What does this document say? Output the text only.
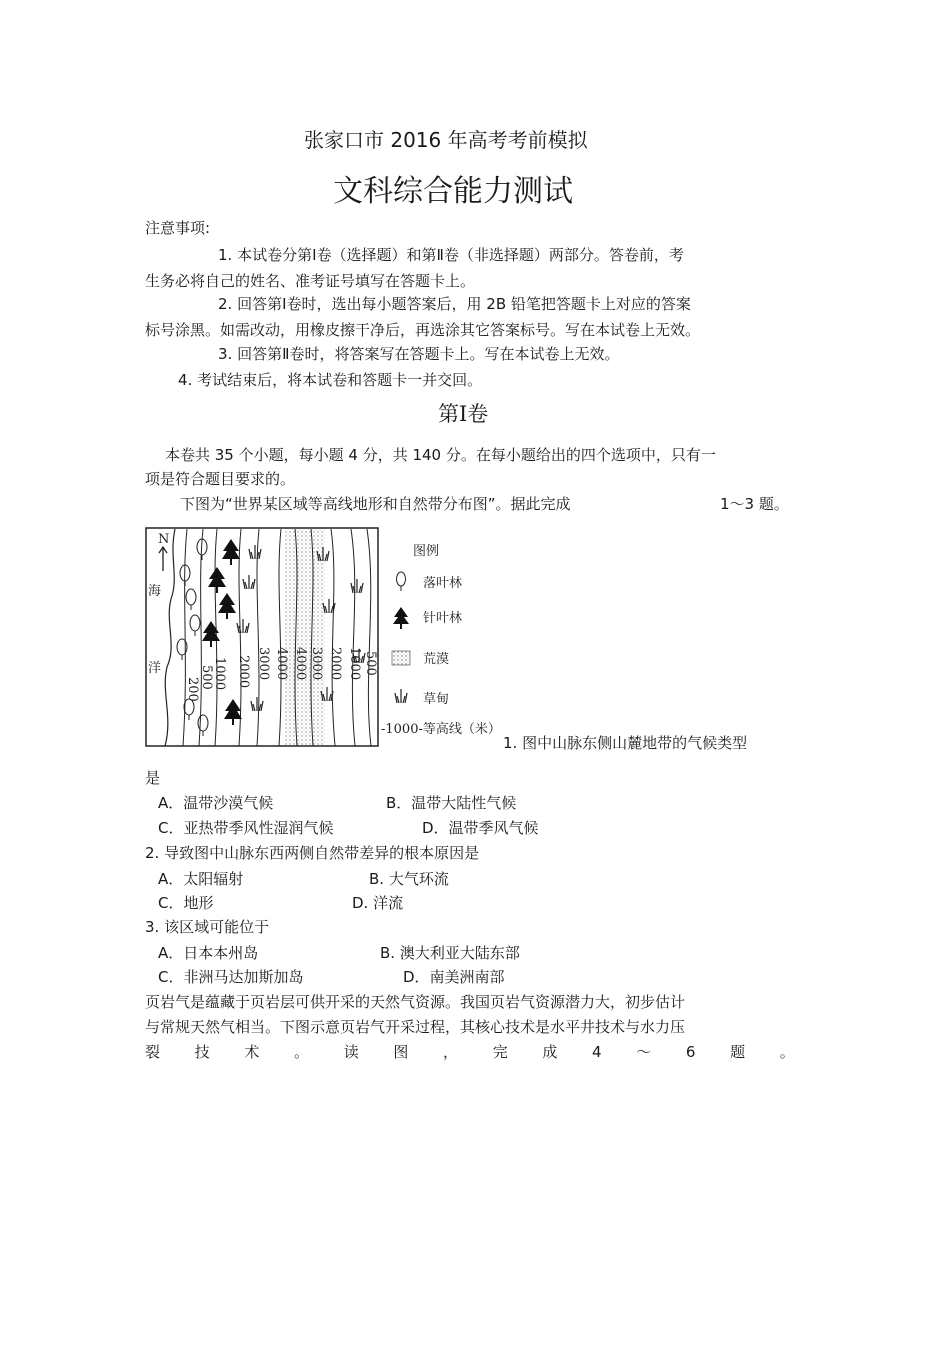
张家口市 2016 年高考考前模拟
文科综合能力测试
注意事项:
1. 本试卷分第Ⅰ卷（选择题）和第Ⅱ卷（非选择题）两部分。答卷前，考
生务必将自己的姓名、准考证号填写在答题卡上。
2. 回答第Ⅰ卷时，选出每小题答案后，用 2B 铅笔把答题卡上对应的答案
标号涂黑。如需改动，用橡皮擦干净后，再选涂其它答案标号。写在本试卷上无效。
3. 回答第Ⅱ卷时，将答案写在答题卡上。写在本试卷上无效。
4. 考试结束后，将本试卷和答题卡一并交回。
第Ⅰ卷
本卷共 35 个小题，每小题 4 分，共 140 分。在每小题给出的四个选项中，只有一
项是符合题目要求的。
下图为“世界某区域等高线地形和自然带分布图”。据此完成	1～3 题。
200 500
1000 2000 3000 4000 4000 3000 2000 1000 500
N
海
洋
图例
落叶林
针叶林
荒漠
草甸
-1000-等高线（米）
1. 图中山脉东侧山麓地带的气候类型
是
A．温带沙漠气候	B．温带大陆性气候
C．亚热带季风性湿润气候	D．温带季风气候
2. 导致图中山脉东西两侧自然带差异的根本原因是
A．太阳辐射	B. 大气环流
C．地形	D. 洋流
3. 该区域可能位于
A．日本本州岛	B. 澳大利亚大陆东部
C．非洲马达加斯加岛	D．南美洲南部
页岩气是蕴藏于页岩层可供开采的天然气资源。我国页岩气资源潜力大，初步估计
与常规天然气相当。下图示意页岩气开采过程，其核心技术是水平井技术与水力压
裂 技 术 。 读 图 ， 完 成 4 ～ 6 题 。
